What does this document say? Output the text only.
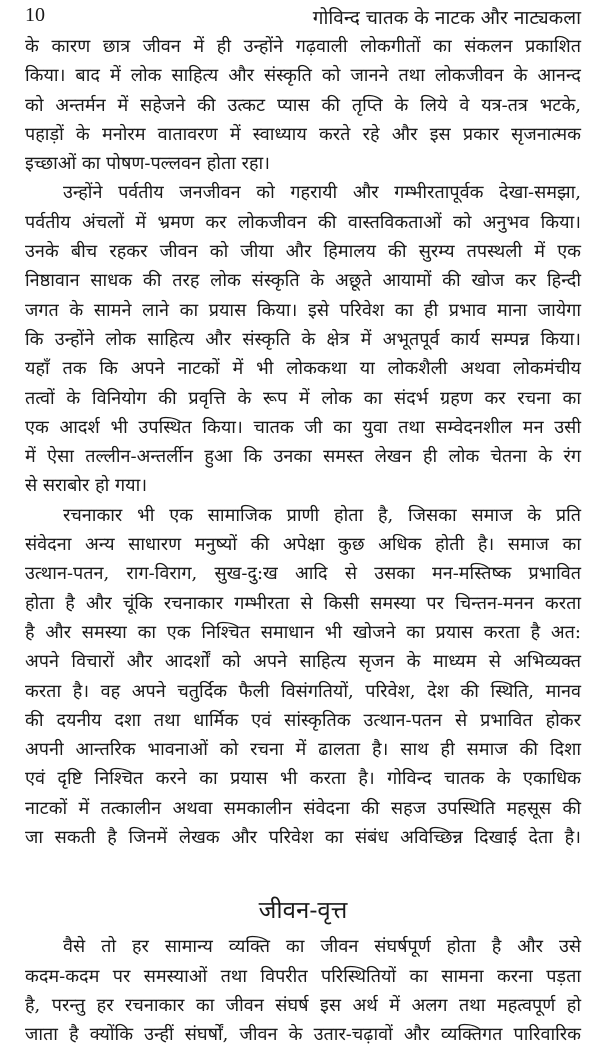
10	गोविन्द चातक के नाटक और नाट्यकला
के कारण छात्र जीवन में ही उन्होंने गढ़वाली लोकगीतों का संकलन प्रकाशित
किया। बाद में लोक साहित्य और संस्कृति को जानने तथा लोकजीवन के आनन्द
को अन्तर्मन में सहेजने की उत्कट प्यास की तृप्ति के लिये वे यत्र-तत्र भटके,
पहाड़ों के मनोरम वातावरण में स्वाध्याय करते रहे और इस प्रकार सृजनात्मक
इच्छाओं का पोषण-पल्लवन होता रहा।
उन्होंने पर्वतीय जनजीवन को गहरायी और गम्भीरतापूर्वक देखा-समझा,
पर्वतीय अंचलों में भ्रमण कर लोकजीवन की वास्तविकताओं को अनुभव किया।
उनके बीच रहकर जीवन को जीया और हिमालय की सुरम्य तपस्थली में एक
निष्ठावान साधक की तरह लोक संस्कृति के अछूते आयामों की खोज कर हिन्दी
जगत के सामने लाने का प्रयास किया। इसे परिवेश का ही प्रभाव माना जायेगा
कि उन्होंने लोक साहित्य और संस्कृति के क्षेत्र में अभूतपूर्व कार्य सम्पन्न किया।
यहाँ तक कि अपने नाटकों में भी लोककथा या लोकशैली अथवा लोकमंचीय
तत्वों के विनियोग की प्रवृत्ति के रूप में लोक का संदर्भ ग्रहण कर रचना का
एक आदर्श भी उपस्थित किया। चातक जी का युवा तथा सम्वेदनशील मन उसी
में ऐसा तल्लीन-अन्तर्लीन हुआ कि उनका समस्त लेखन ही लोक चेतना के रंग
से सराबोर हो गया।
रचनाकार भी एक सामाजिक प्राणी होता है, जिसका समाज के प्रति
संवेदना अन्य साधारण मनुष्यों की अपेक्षा कुछ अधिक होती है। समाज का
उत्थान-पतन, राग-विराग, सुख-दु:ख आदि से उसका मन-मस्तिष्क प्रभावित
होता है और चूंकि रचनाकार गम्भीरता से किसी समस्या पर चिन्तन-मनन करता
है और समस्या का एक निश्चित समाधान भी खोजने का प्रयास करता है अत:
अपने विचारों और आदर्शों को अपने साहित्य सृजन के माध्यम से अभिव्यक्त
करता है। वह अपने चतुर्दिक फैली विसंगतियों, परिवेश, देश की स्थिति, मानव
की दयनीय दशा तथा धार्मिक एवं सांस्कृतिक उत्थान-पतन से प्रभावित होकर
अपनी आन्तरिक भावनाओं को रचना में ढालता है। साथ ही समाज की दिशा
एवं दृष्टि निश्चित करने का प्रयास भी करता है। गोविन्द चातक के एकाधिक
नाटकों में तत्कालीन अथवा समकालीन संवेदना की सहज उपस्थिति महसूस की
जा सकती है जिनमें लेखक और परिवेश का संबंध अविच्छिन्न दिखाई देता है।
जीवन-वृत्त
वैसे तो हर सामान्य व्यक्ति का जीवन संघर्षपूर्ण होता है और उसे
कदम-कदम पर समस्याओं तथा विपरीत परिस्थितियों का सामना करना पड़ता
है, परन्तु हर रचनाकार का जीवन संघर्ष इस अर्थ में अलग तथा महत्वपूर्ण हो
जाता है क्योंकि उन्हीं संघर्षों, जीवन के उतार-चढ़ावों और व्यक्तिगत पारिवारिक
